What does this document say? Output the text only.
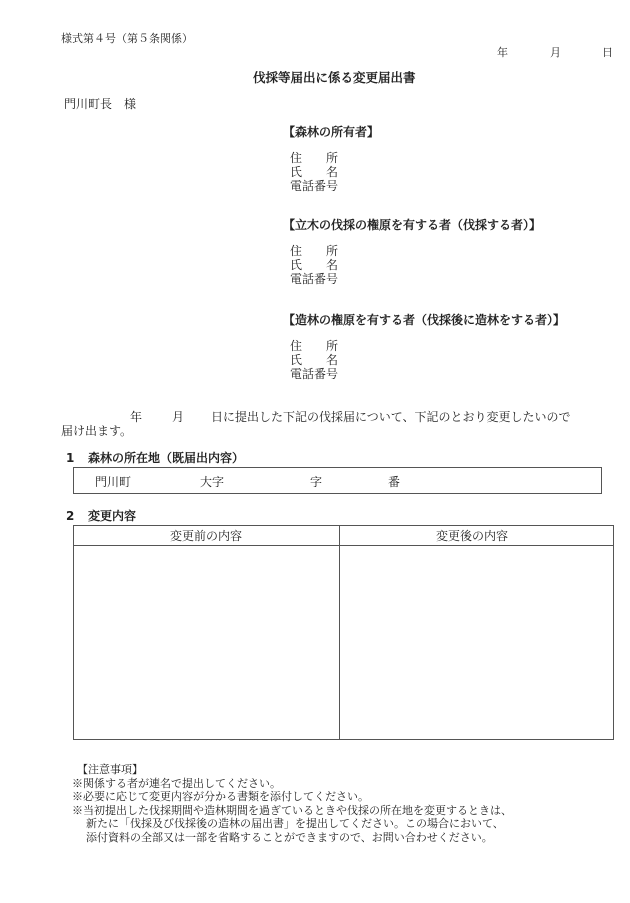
様式第４号（第５条関係）
年	月	日
伐採等届出に係る変更届出書
門川町長　様
【森林の所有者】
住　　所
氏　　名
電話番号
【立木の伐採の権原を有する者（伐採する者）】
住　　所
氏　　名
電話番号
【造林の権原を有する者（伐採後に造林をする者）】
住　　所
氏　　名
電話番号
年 月 日に提出した下記の伐採届について、下記のとおり変更したいので
届け出ます。
1 森林の所在地（既届出内容）
門川町	大字	字	番
2 変更内容
変更前の内容	変更後の内容
【注意事項】
※関係する者が連名で提出してください。
※必要に応じて変更内容が分かる書類を添付してください。
※当初提出した伐採期間や造林期間を過ぎているときや伐採の所在地を変更するときは、
新たに「伐採及び伐採後の造林の届出書」を提出してください。この場合において、
添付資料の全部又は一部を省略することができますので、お問い合わせください。
